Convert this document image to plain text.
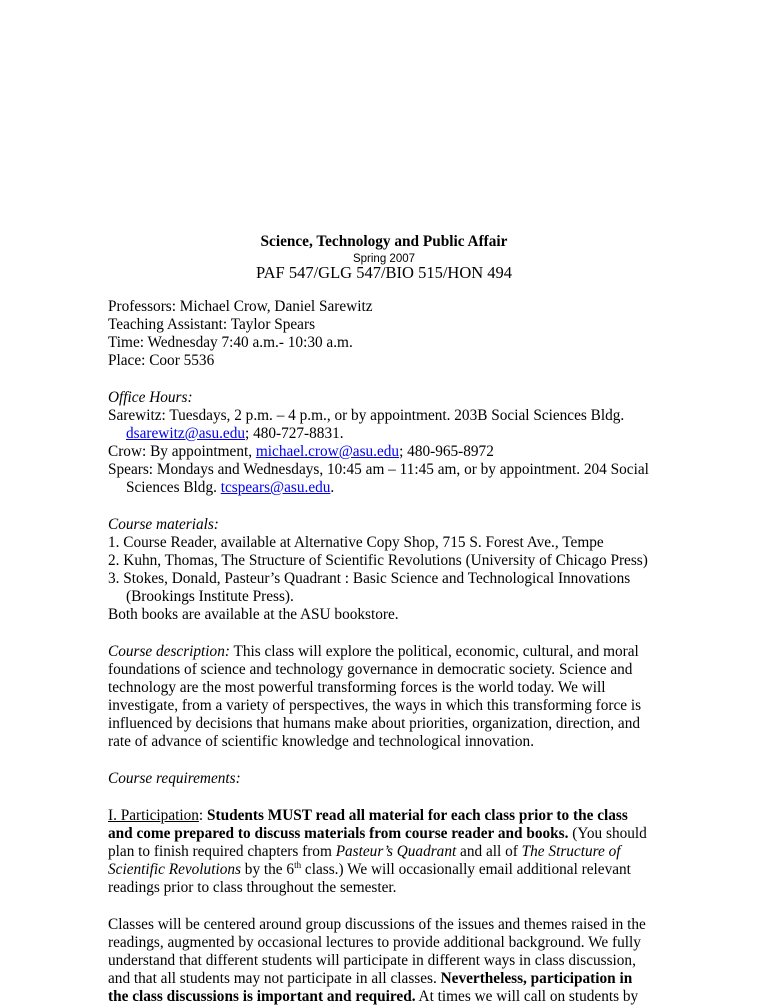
Science, Technology and Public Affair
Spring 2007
PAF 547/GLG 547/BIO 515/HON 494
Professors: Michael Crow, Daniel Sarewitz
Teaching Assistant: Taylor Spears
Time: Wednesday 7:40 a.m.- 10:30 a.m.
Place: Coor 5536
Office Hours:
Sarewitz: Tuesdays, 2 p.m. – 4 p.m., or by appointment. 203B Social Sciences Bldg.
dsarewitz@asu.edu; 480-727-8831.
Crow: By appointment, michael.crow@asu.edu; 480-965-8972
Spears: Mondays and Wednesdays, 10:45 am – 11:45 am, or by appointment. 204 Social
Sciences Bldg. tcspears@asu.edu.
Course materials:
1. Course Reader, available at Alternative Copy Shop, 715 S. Forest Ave., Tempe
2. Kuhn, Thomas, The Structure of Scientific Revolutions (University of Chicago Press)
3. Stokes, Donald, Pasteur’s Quadrant : Basic Science and Technological Innovations
(Brookings Institute Press).
Both books are available at the ASU bookstore.
Course description: This class will explore the political, economic, cultural, and moral
foundations of science and technology governance in democratic society. Science and
technology are the most powerful transforming forces is the world today. We will
investigate, from a variety of perspectives, the ways in which this transforming force is
influenced by decisions that humans make about priorities, organization, direction, and
rate of advance of scientific knowledge and technological innovation.
Course requirements:
I. Participation: Students MUST read all material for each class prior to the class
and come prepared to discuss materials from course reader and books. (You should
plan to finish required chapters from Pasteur’s Quadrant and all of The Structure of
Scientific Revolutions by the 6th class.) We will occasionally email additional relevant
readings prior to class throughout the semester.
Classes will be centered around group discussions of the issues and themes raised in the
readings, augmented by occasional lectures to provide additional background. We fully
understand that different students will participate in different ways in class discussion,
and that all students may not participate in all classes. Nevertheless, participation in
the class discussions is important and required. At times we will call on students by
